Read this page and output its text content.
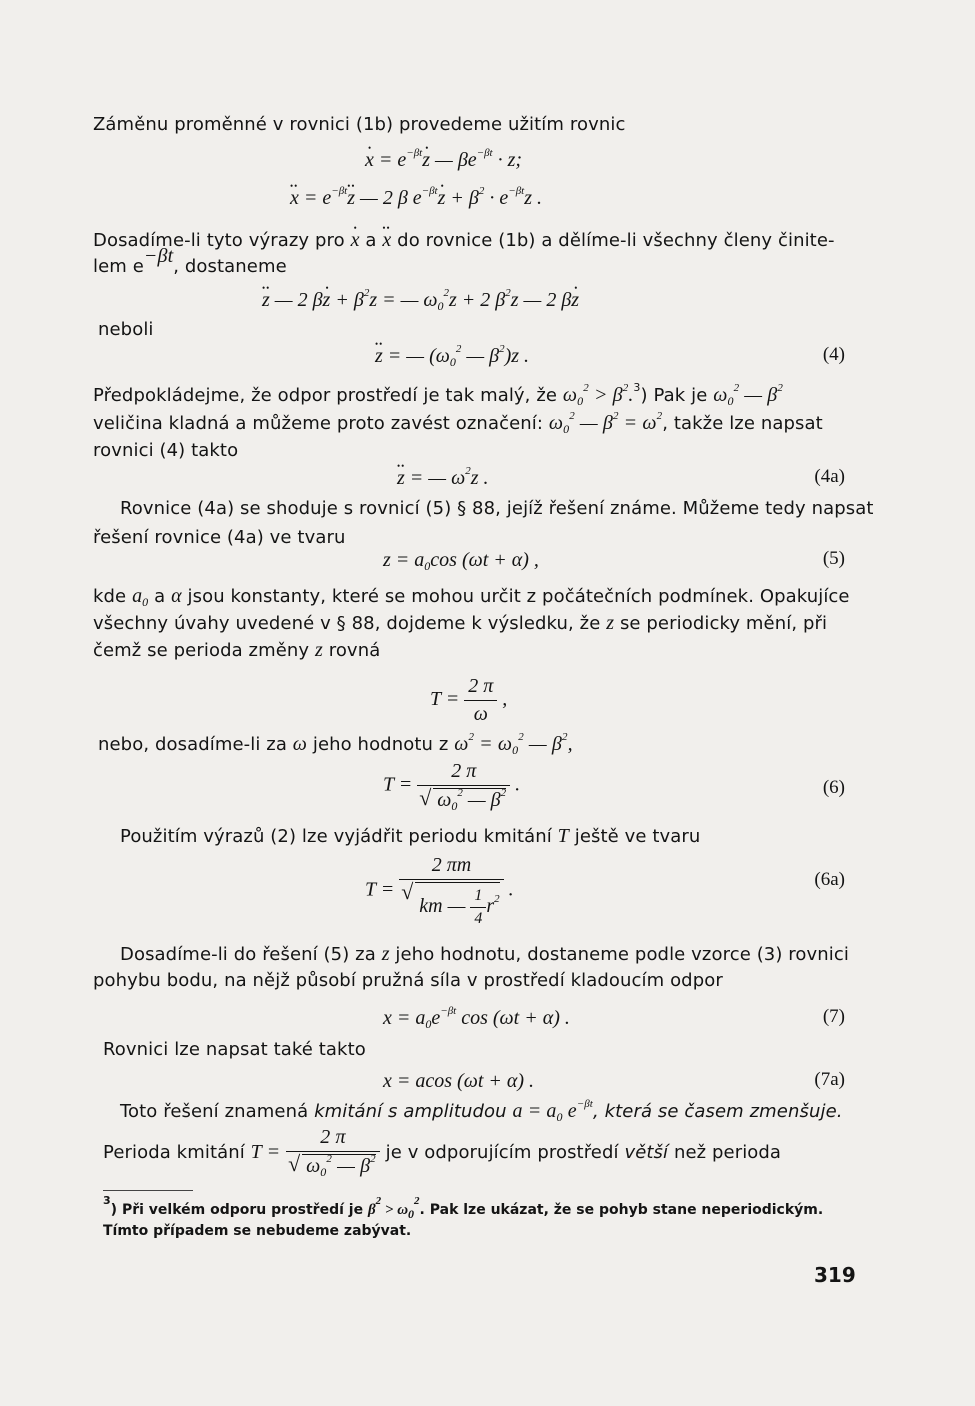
Záměnu proměnné v rovnici (1b) provedeme užitím rovnic
• $x = e^{-\beta t}•$ z — $\beta e^{-\beta t} \cdot z$;
•• $x = e^{-\beta t}••$ z — 2 β $e^{-\beta t}•$ $z + \beta^2 \cdot e^{-\beta t}z$ .
Dosadíme-li tyto výrazy pro • x a •• x do rovnice (1b) a dělíme-li všechny členy činite-
lem $e^{-\beta t}$, dostaneme
•• z — 2 β• $z + \beta^2z$ = — $\omega_0^2z + 2$ $\beta^2z$ — 2 β• z
neboli
•• z = — ($\omega_0^2$ — $\beta^2)z$ .	(4)
Předpokládejme, že odpor prostředí je tak malý, že $\omega_0^2 > \beta^2.^3$) Pak je $\omega_0^2$ — $\beta^2$
veličina kladná a můžeme proto zavést označení: $\omega_0^2$ — $\beta^2 = \omega^2$, takže lze napsat
rovnici (4) takto
•• z = — $\omega^2z$ .	(4a)
Rovnice (4a) se shoduje s rovnicí (5) § 88, jejíž řešení známe. Můžeme tedy napsat
řešení rovnice (4a) ve tvaru
$z = a_0\cos$ (ωt + α) ,	(5)
kde $a_0$ a α jsou konstanty, které se mohou určit z počátečních podmínek. Opakujíce
všechny úvahy uvedené v § 88, dojdeme k výsledku, že z se periodicky mění, při
čemž se perioda změny z rovná
$T = \frac{2 \pi}{\omega}$ ,
nebo, dosadíme-li za ω jeho hodnotu z $\omega^2 = \omega_0^2$ — $\beta^2$,
T = 2 π
√ $\omega_0^2$ — $\beta^2$ .	(6)
Použitím výrazů (2) lze vyjádřit periodu kmitání T ještě ve tvaru
T = 2 πm
√ km — $\frac{1}{4} r^2$ .	(6a)
Dosadíme-li do řešení (5) za z jeho hodnotu, dostaneme podle vzorce (3) rovnici
pohybu bodu, na nějž působí pružná síla v prostředí kladoucím odpor
$x = a_0e^{-\beta t}$ cos (ωt + α) .	(7)
Rovnici lze napsat také takto
x = acos (ωt + α) .	(7a)
Toto řešení znamená kmitání s amplitudou $a = a_0$ $e^{-\beta t}$, která se časem zmenšuje.
Perioda kmitání T = 2 π
√ $\omega_0^2$ — $\beta^2$ je v odporujícím prostředí větší než perioda
$^3$) Při velkém odporu prostředí je $\beta^2 > \omega_0^2$. Pak lze ukázat, že se pohyb stane neperiodickým.
Tímto případem se nebudeme zabývat.
319
